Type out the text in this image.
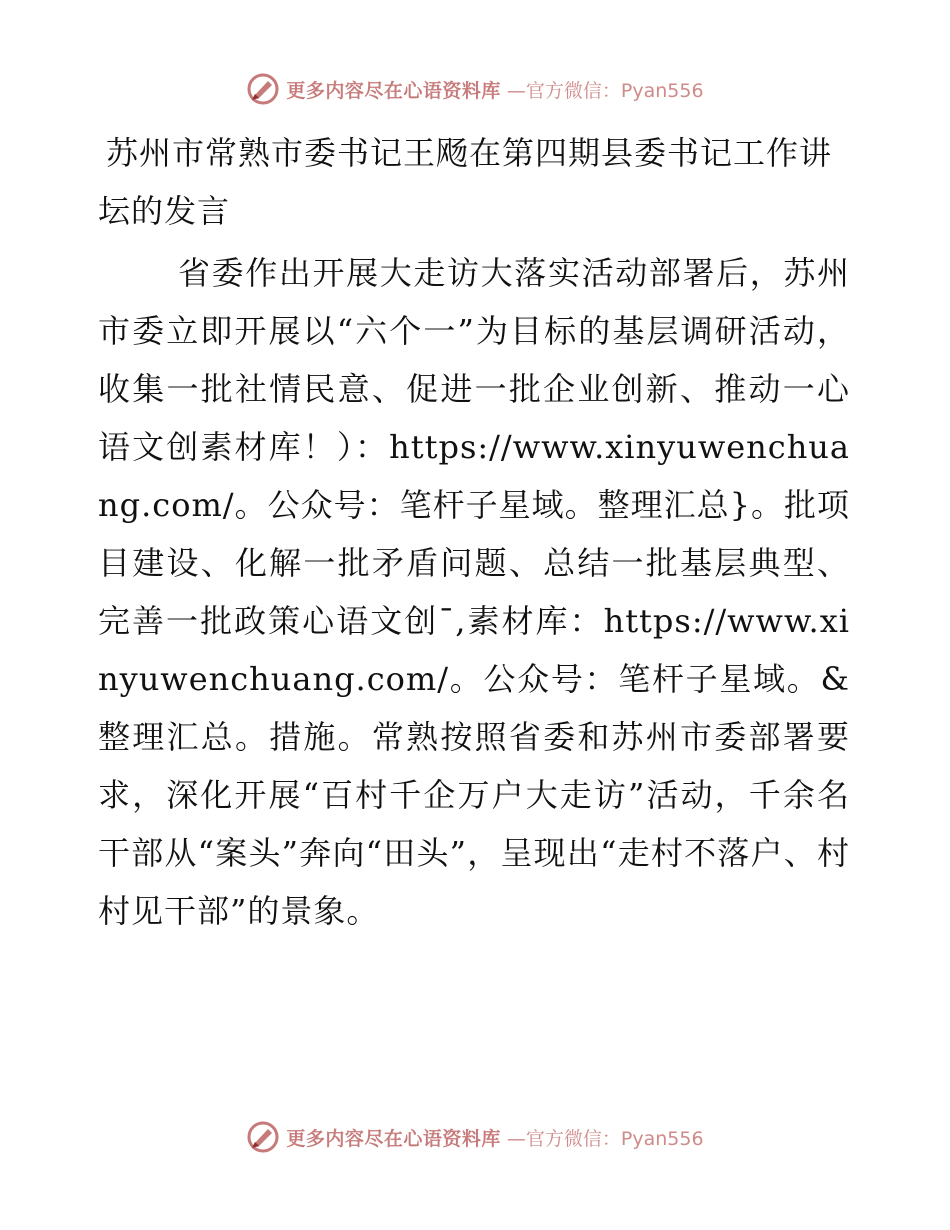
更多内容尽在心语资料库 —官方微信：Pyan556
苏州市常熟市委书记王飏在第四期县委书记工作讲坛的发言

省委作出开展大走访大落实活动部署后，苏州市委立即开展以“六个一”为目标的基层调研活动，收集一批社情民意、促进一批企业创新、推动一心语文创素材库！）：https://www.xinyuwenchuang.com/。公众号：笔杆子星域。整理汇总}。批项目建设、化解一批矛盾问题、总结一批基层典型、完善一批政策心语文创¯,素材库：https://www.xinyuwenchuang.com/。公众号：笔杆子星域。&整理汇总。措施。常熟按照省委和苏州市委部署要求，深化开展“百村千企万户大走访”活动，千余名干部从“案头”奔向“田头”，呈现出“走村不落户、村村见干部”的景象。

更多内容尽在心语资料库 —官方微信：Pyan556
